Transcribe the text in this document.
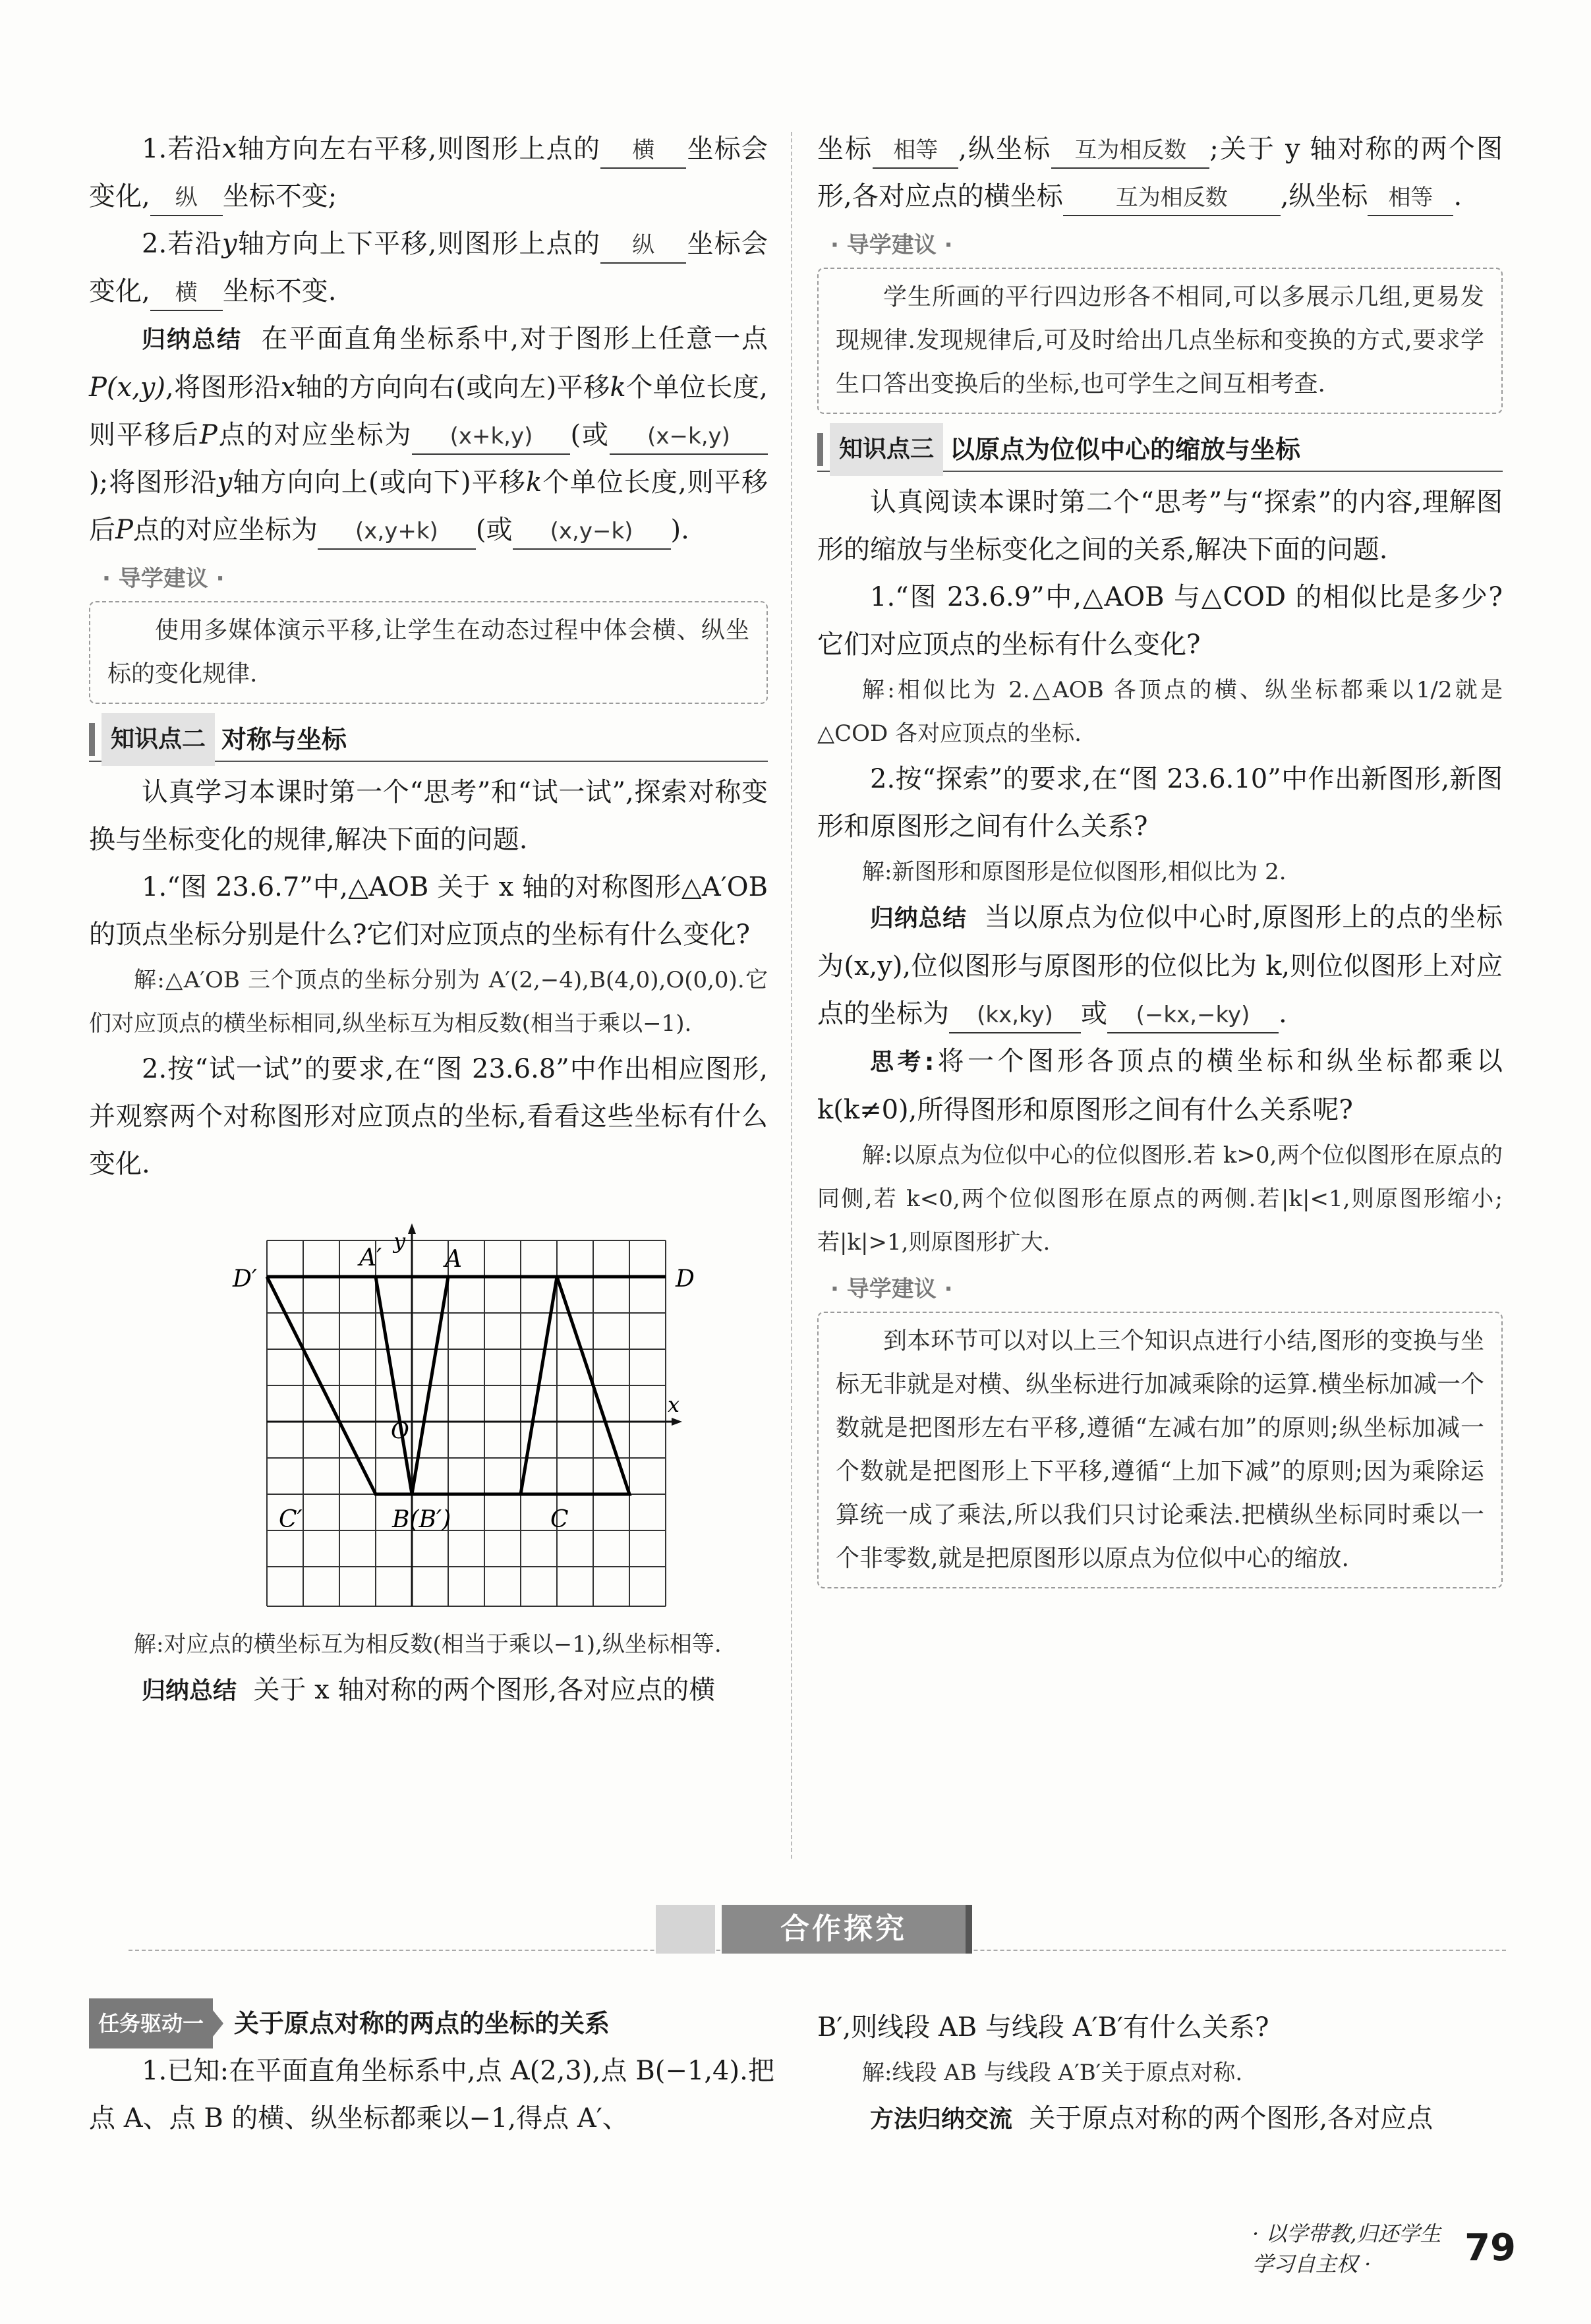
1.若沿x轴方向左右平移,则图形上点的 横 坐标会变化, 纵 坐标不变;

2.若沿y轴方向上下平移,则图形上点的 纵 坐标会变化, 横 坐标不变.

归纳总结 在平面直角坐标系中,对于图形上任意一点P(x,y),将图形沿x轴的方向向右(或向左)平移k个单位长度,则平移后P点的对应坐标为 (x+k,y) (或 (x−k,y));将图形沿y轴方向向上(或向下)平移k个单位长度,则平移后P点的对应坐标为 (x,y+k) (或 (x,y−k) ).

· 导学建议 ·
使用多媒体演示平移,让学生在动态过程中体会横、纵坐标的变化规律.
知识点二 对称与坐标

认真学习本课时第一个“思考”和“试一试”,探索对称变换与坐标变化的规律,解决下面的问题.

1.“图 23.6.7”中,△AOB 关于 x 轴的对称图形△A′OB 的顶点坐标分别是什么?它们对应顶点的坐标有什么变化?

解:△A′OB 三个顶点的坐标分别为 A′(2,−4),B(4,0),O(0,0).它们对应顶点的横坐标相同,纵坐标互为相反数(相当于乘以−1).

2.按“试一试”的要求,在“图 23.6.8”中作出相应图形,并观察两个对称图形对应顶点的坐标,看看这些坐标有什么变化.

D′
A′
y
A
D
O
x
C′	B(B′)	C

解:对应点的横坐标互为相反数(相当于乘以−1),纵坐标相等.

归纳总结 关于 x 轴对称的两个图形,各对应点的横

坐标 相等 ,纵坐标 互为相反数 ;关于 y 轴对称的两个图形,各对应点的横坐标 互为相反数 ,纵坐标 相等 .

· 导学建议 ·
学生所画的平行四边形各不相同,可以多展示几组,更易发现规律.发现规律后,可及时给出几点坐标和变换的方式,要求学生口答出变换后的坐标,也可学生之间互相考查.
知识点三 以原点为位似中心的缩放与坐标

认真阅读本课时第二个“思考”与“探索”的内容,理解图形的缩放与坐标变化之间的关系,解决下面的问题.

1.“图 23.6.9”中,△AOB 与△COD 的相似比是多少?它们对应顶点的坐标有什么变化?

解:相似比为 2.△AOB 各顶点的横、纵坐标都乘以1/2就是△COD 各对应顶点的坐标.

2.按“探索”的要求,在“图 23.6.10”中作出新图形,新图形和原图形之间有什么关系?

解:新图形和原图形是位似图形,相似比为 2.

归纳总结 当以原点为位似中心时,原图形上的点的坐标为(x,y),位似图形与原图形的位似比为 k,则位似图形上对应点的坐标为 (kx,ky) 或 (−kx,−ky) .

思考:将一个图形各顶点的横坐标和纵坐标都乘以 k(k≠0),所得图形和原图形之间有什么关系呢?

解:以原点为位似中心的位似图形.若 k>0,两个位似图形在原点的同侧,若 k<0,两个位似图形在原点的两侧.若|k|<1,则原图形缩小;若|k|>1,则原图形扩大.

· 导学建议 ·
到本环节可以对以上三个知识点进行小结,图形的变换与坐标无非就是对横、纵坐标进行加减乘除的运算.横坐标加减一个数就是把图形左右平移,遵循“左减右加”的原则;纵坐标加减一个数就是把图形上下平移,遵循“上加下减”的原则;因为乘除运算统一成了乘法,所以我们只讨论乘法.把横纵坐标同时乘以一个非零数,就是把原图形以原点为位似中心的缩放.
合作探究
任务驱动一	关于原点对称的两点的坐标的关系

1.已知:在平面直角坐标系中,点 A(2,3),点 B(−1,4).把点 A、点 B 的横、纵坐标都乘以−1,得点 A′、

B′,则线段 AB 与线段 A′B′有什么关系?

解:线段 AB 与线段 A′B′关于原点对称.

方法归纳交流 关于原点对称的两个图形,各对应点

· 以学带教,归还学生学习自主权 ·	79
